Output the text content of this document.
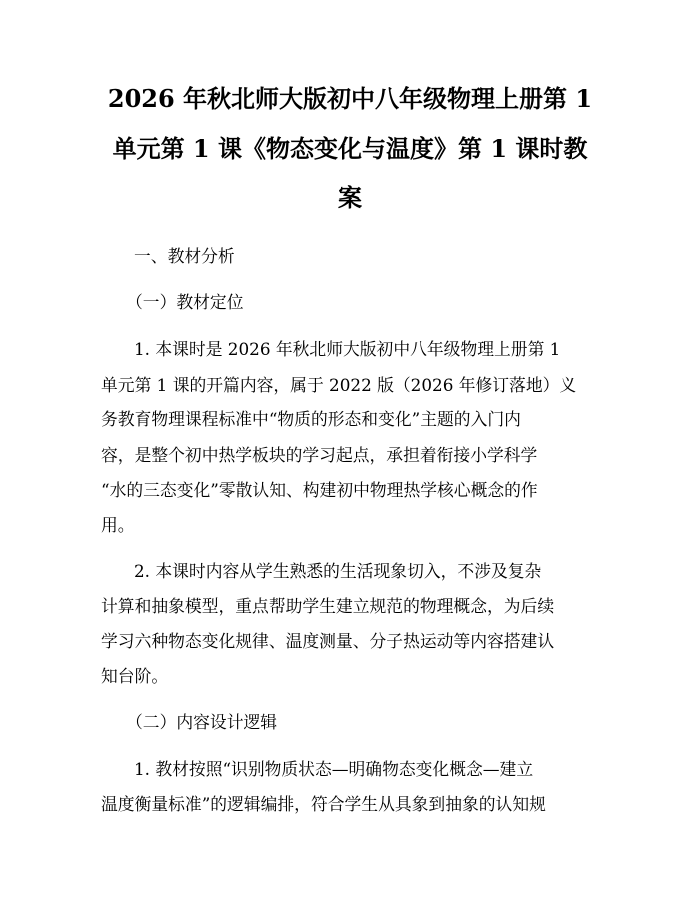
2026 年秋北师大版初中八年级物理上册第 1
单元第 1 课《物态变化与温度》第 1 课时教
案
一、教材分析
（一）教材定位
1. 本课时是 2026 年秋北师大版初中八年级物理上册第 1
单元第 1 课的开篇内容，属于 2022 版（2026 年修订落地）义
务教育物理课程标准中“物质的形态和变化”主题的入门内
容，是整个初中热学板块的学习起点，承担着衔接小学科学
“水的三态变化”零散认知、构建初中物理热学核心概念的作
用。
2. 本课时内容从学生熟悉的生活现象切入，不涉及复杂
计算和抽象模型，重点帮助学生建立规范的物理概念，为后续
学习六种物态变化规律、温度测量、分子热运动等内容搭建认
知台阶。
（二）内容设计逻辑
1. 教材按照“识别物质状态—明确物态变化概念—建立
温度衡量标准”的逻辑编排，符合学生从具象到抽象的认知规
